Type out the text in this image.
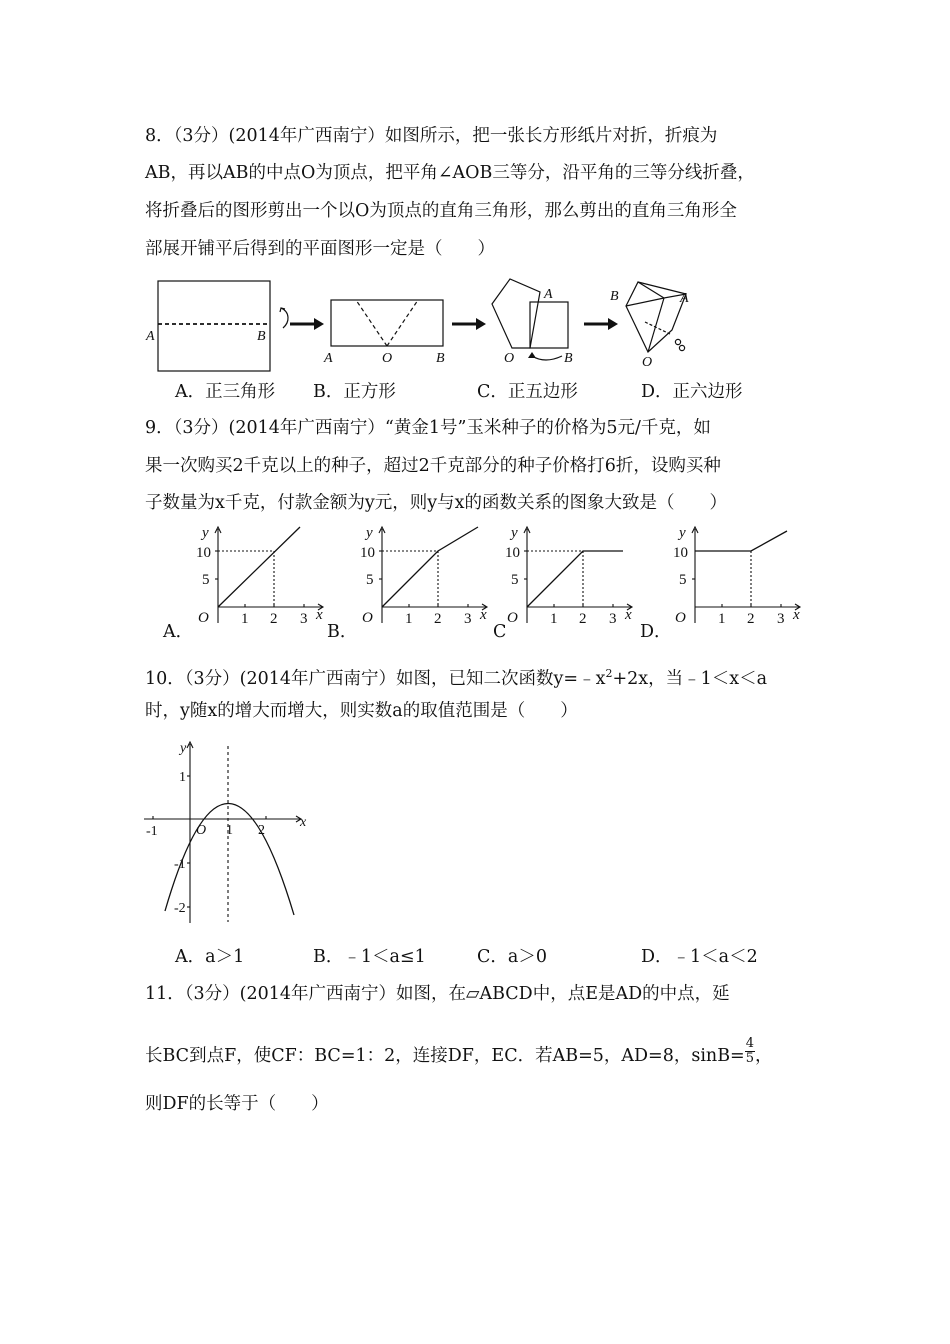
8．（3分）(2014年广西南宁）如图所示，把一张长方形纸片对折，折痕为
AB，再以AB的中点O为顶点，把平角∠AOB三等分，沿平角的三等分线折叠，
将折叠后的图形剪出一个以O为顶点的直角三角形，那么剪出的直角三角形全
部展开铺平后得到的平面图形一定是（　　）
A	B
A	O	B
A
O	B
B	A
O
A．正三角形 B．正方形	C．正五边形	D．正六边形
9．（3分）(2014年广西南宁）“黄金1号”玉米种子的价格为5元/千克，如
果一次购买2千克以上的种子，超过2千克部分的种子价格打6折，设购买种
子数量为x千克，付款金额为y元，则y与x的函数关系的图象大致是（　　）
y
10
5
O 1 2 3 x
y
10
5
O 1 2 3 x
y
10
5
O 1 2 3 x
y
10
5
O 1 2 3 x
A．	B．	C	D．
10．（3分）(2014年广西南宁）如图，已知二次函数$y=﹣x^2+2x$，当﹣1＜x＜a
时，y随x的增大而增大，则实数a的取值范围是（　　）
y
1
-1	O 1 2
x
-1
-2
A．a＞1	B．﹣1＜a≤1	C．a＞0	D．﹣1＜a＜2
11．（3分）(2014年广西南宁）如图，在▱ABCD中，点E是AD的中点，延
长BC到点F，使CF：BC=1：2，连接DF，EC．若AB=5，AD=8，$\sin B= \frac{4}{5}$ ，
则DF的长等于（　　）
